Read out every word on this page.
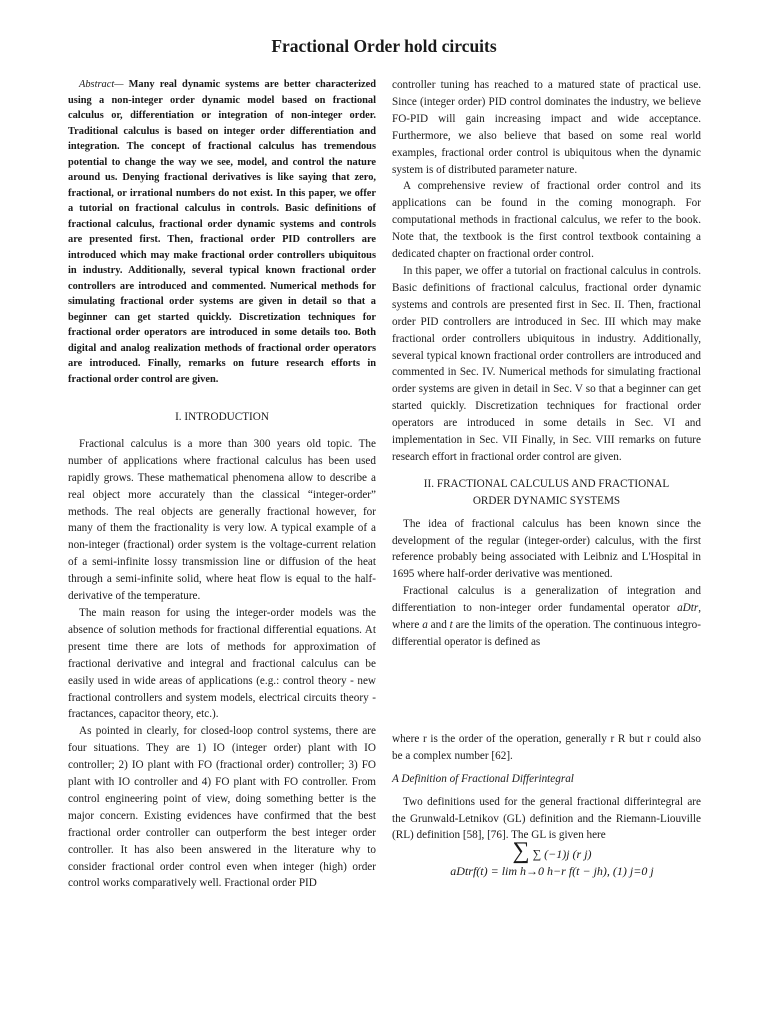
Fractional Order hold circuits

Abstract— Many real dynamic systems are better characterized using a non-integer order dynamic model based on fractional calculus or, differentiation or integration of non-integer order. Traditional calculus is based on integer order differentiation and integration. The concept of fractional calculus has tremendous potential to change the way we see, model, and control the nature around us. Denying fractional derivatives is like saying that zero, fractional, or irrational numbers do not exist. In this paper, we offer a tutorial on fractional calculus in controls. Basic definitions of fractional calculus, fractional order dynamic systems and controls are presented first. Then, fractional order PID controllers are introduced which may make fractional order controllers ubiquitous in industry. Additionally, several typical known fractional order controllers are introduced and commented. Numerical methods for simulating fractional order systems are given in detail so that a beginner can get started quickly. Discretization techniques for fractional order operators are introduced in some details too. Both digital and analog realization methods of fractional order operators are introduced. Finally, remarks on future research efforts in fractional order control are given.

I. INTRODUCTION

Fractional calculus is a more than 300 years old topic. The number of applications where fractional calculus has been used rapidly grows. These mathematical phenomena allow to describe a real object more accurately than the classical “integer-order” methods. The real objects are generally fractional however, for many of them the fractionality is very low. A typical example of a non-integer (fractional) order system is the voltage-current relation of a semi-infinite lossy transmission line or diffusion of the heat through a semi-infinite solid, where heat flow is equal to the half-derivative of the temperature.

The main reason for using the integer-order models was the absence of solution methods for fractional differential equations. At present time there are lots of methods for approximation of fractional derivative and integral and fractional calculus can be easily used in wide areas of applications (e.g.: control theory - new fractional controllers and system models, electrical circuits theory - fractances, capacitor theory, etc.).

As pointed in clearly, for closed-loop control systems, there are four situations. They are 1) IO (integer order) plant with IO controller; 2) IO plant with FO (fractional order) controller; 3) FO plant with IO controller and 4) FO plant with FO controller. From control engineering point of view, doing something better is the major concern. Existing evidences have confirmed that the best fractional order controller can outperform the best integer order controller. It has also been answered in the literature why to consider fractional order control even when integer (high) order control works comparatively well. Fractional order PID

controller tuning has reached to a matured state of practical use. Since (integer order) PID control dominates the industry, we believe FO-PID will gain increasing impact and wide acceptance. Furthermore, we also believe that based on some real world examples, fractional order control is ubiquitous when the dynamic system is of distributed parameter nature.

A comprehensive review of fractional order control and its applications can be found in the coming monograph. For computational methods in fractional calculus, we refer to the book. Note that, the textbook is the first control textbook containing a dedicated chapter on fractional order control.

In this paper, we offer a tutorial on fractional calculus in controls. Basic definitions of fractional calculus, fractional order dynamic systems and controls are presented first in Sec. II. Then, fractional order PID controllers are introduced in Sec. III which may make fractional order controllers ubiquitous in industry. Additionally, several typical known fractional order controllers are introduced and commented in Sec. IV. Numerical methods for simulating fractional order systems are given in detail in Sec. V so that a beginner can get started quickly. Discretization techniques for fractional order operators are introduced in some details in Sec. VI and implementation in Sec. VII Finally, in Sec. VIII remarks on future research effort in fractional order control are given.

II. FRACTIONAL CALCULUS AND FRACTIONAL

ORDER DYNAMIC SYSTEMS

The idea of fractional calculus has been known since the development of the regular (integer-order) calculus, with the first reference probably being associated with Leibniz and L'Hospital in 1695 where half-order derivative was mentioned.

Fractional calculus is a generalization of integration and differentiation to non-integer order fundamental operator aDtr, where a and t are the limits of the operation. The continuous integro-differential operator is defined as

where r is the order of the operation, generally r R but r could also be a complex number [62].

A Definition of Fractional Differintegral

Two definitions used for the general fractional differintegral are the Grunwald-Letnikov (GL) definition and the Riemann-Liouville (RL) definition [58], [76]. The GL is given here

∑ ∑ (−1)j (r j)

aDtrf(t) = lim h→0 h−r f(t − jh), (1) j=0 j
